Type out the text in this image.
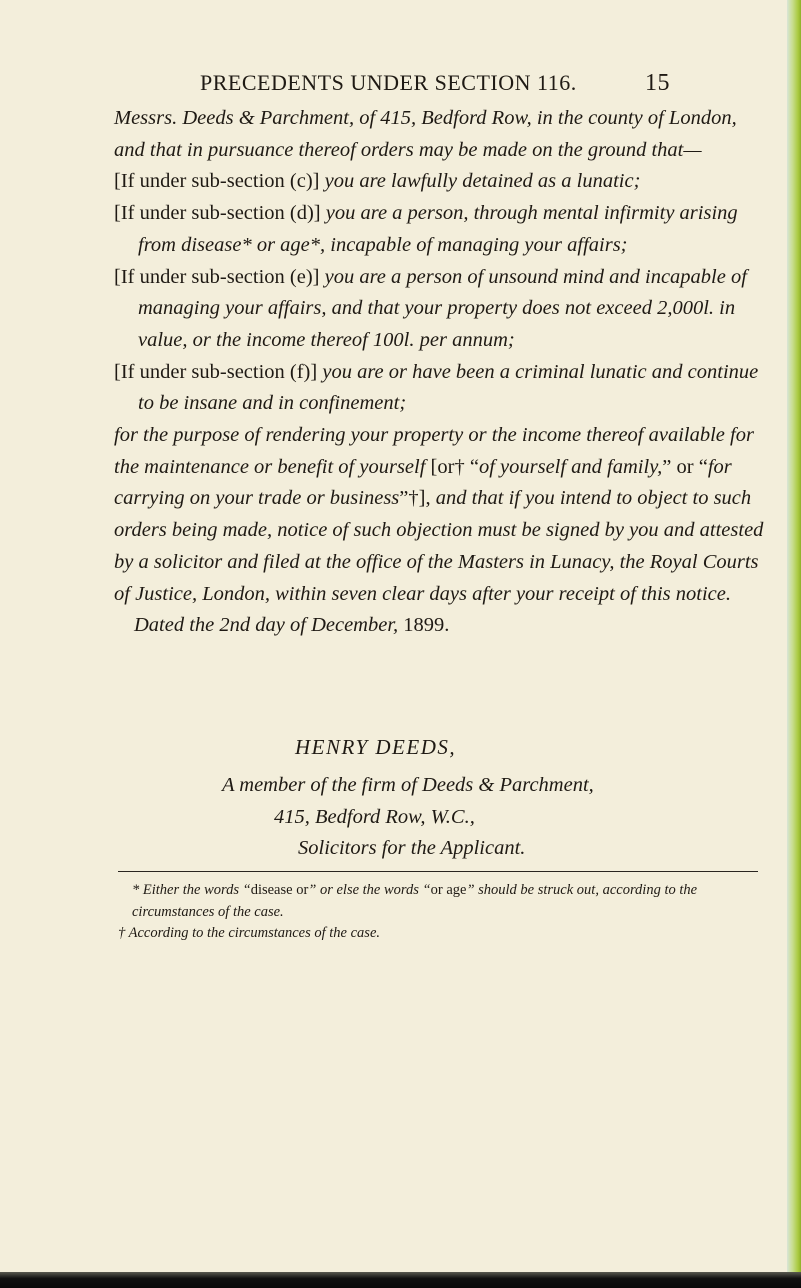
PRECEDENTS UNDER SECTION 116.	15

Messrs. Deeds & Parchment, of 415, Bedford Row, in the county of London, and that in pursuance thereof orders may be made on the ground that—

[If under sub-section (c)] you are lawfully detained as a lunatic;

[If under sub-section (d)] you are a person, through mental infirmity arising from disease* or age*, incapable of managing your affairs;

[If under sub-section (e)] you are a person of unsound mind and incapable of managing your affairs, and that your property does not exceed 2,000l. in value, or the income thereof 100l. per annum;

[If under sub-section (f)] you are or have been a criminal lunatic and continue to be insane and in confinement;

for the purpose of rendering your property or the income thereof available for the maintenance or benefit of yourself [or† “of yourself and family,” or “for carrying on your trade or business”†], and that if you intend to object to such orders being made, notice of such objection must be signed by you and attested by a solicitor and filed at the office of the Masters in Lunacy, the Royal Courts of Justice, London, within seven clear days after your receipt of this notice.

Dated the 2nd day of December, 1899.

HENRY DEEDS,

A member of the firm of Deeds & Parchment,

415, Bedford Row, W.C.,

Solicitors for the Applicant.

* Either the words “disease or” or else the words “or age” should be struck out, according to the circumstances of the case.

† According to the circumstances of the case.
